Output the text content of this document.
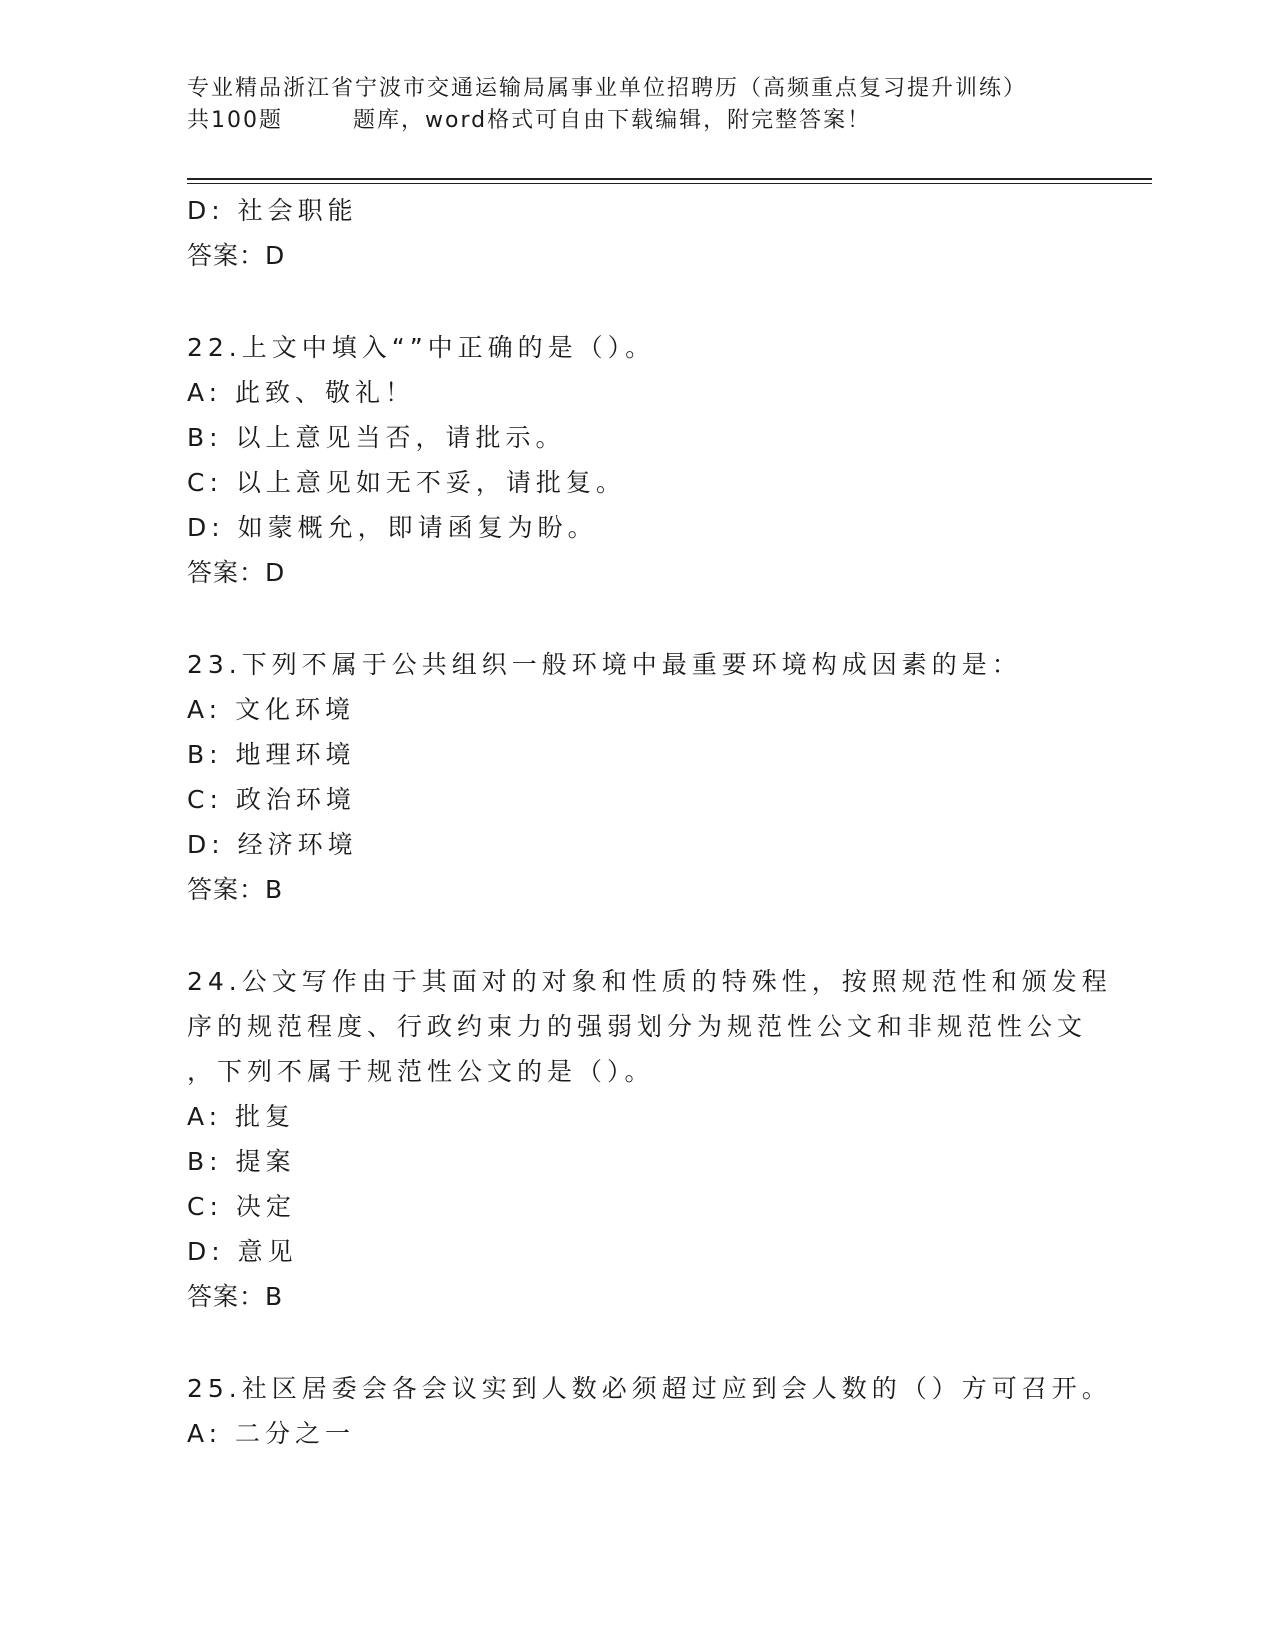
专业精品浙江省宁波市交通运输局属事业单位招聘历（高频重点复习提升训练）
共100题	题库，word格式可自由下载编辑，附完整答案！
D: 社会职能
答案：D
22.上文中填入“”中正确的是（）。
A: 此致、敬礼！
B: 以上意见当否，请批示。
C: 以上意见如无不妥，请批复。
D: 如蒙概允，即请函复为盼。
答案：D
23.下列不属于公共组织一般环境中最重要环境构成因素的是：
A: 文化环境
B: 地理环境
C: 政治环境
D: 经济环境
答案：B
24.公文写作由于其面对的对象和性质的特殊性，按照规范性和颁发程
序的规范程度、行政约束力的强弱划分为规范性公文和非规范性公文
，下列不属于规范性公文的是（）。
A: 批复
B: 提案
C: 决定
D: 意见
答案：B
25.社区居委会各会议实到人数必须超过应到会人数的（）方可召开。
A: 二分之一
